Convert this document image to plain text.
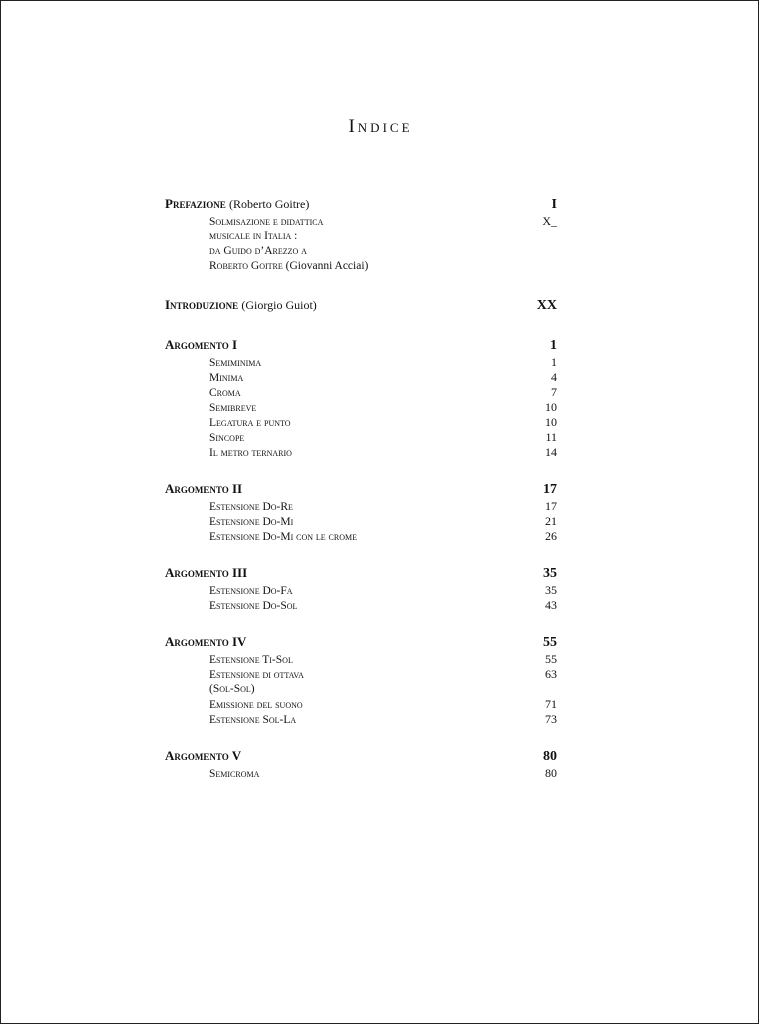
Indice
Prefazione (Roberto Goitre)	I
Solmisazione e didattica	X_
musicale in Italia :
da Guido d’Arezzo a
Roberto Goitre (Giovanni Acciai)
Introduzione (Giorgio Guiot)	XX
Argomento I	1
Semiminima	1
Minima	4
Croma	7
Semibreve	10
Legatura e punto	10
Sincope	11
Il metro ternario	14
Argomento II	17
Estensione Do-Re	17
Estensione Do-Mi	21
Estensione Do-Mi con le crome	26
Argomento III	35
Estensione Do-Fa	35
Estensione Do-Sol	43
Argomento IV	55
Estensione Ti-Sol	55
Estensione di ottava	63
(Sol-Sol)
Emissione del suono	71
Estensione Sol-La	73
Argomento V	80
Semicroma	80
